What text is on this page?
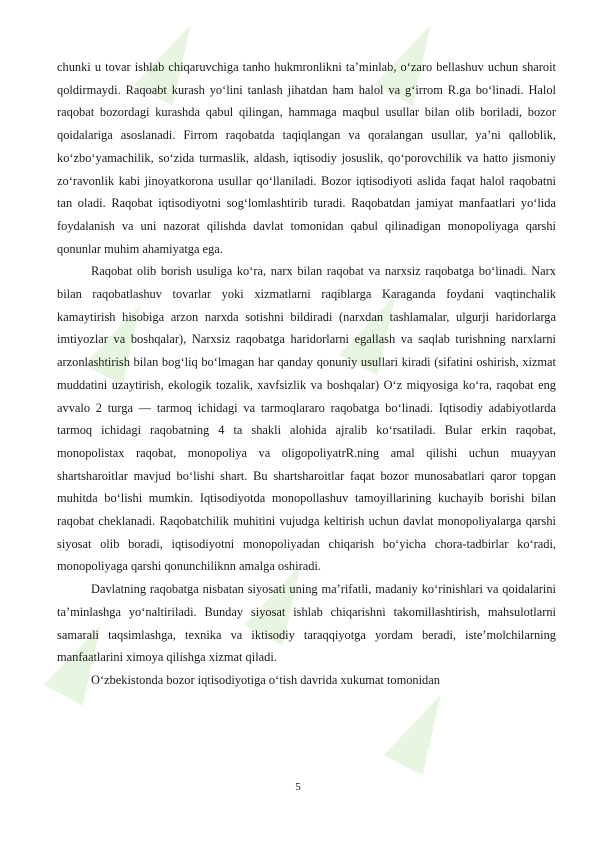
chunki u tovar ishlab chiqaruvchiga tanho hukmronlikni ta’minlab, o‘zaro bellashuv uchun sharoit qoldirmaydi. Raqoabt kurash yo‘lini tanlash jihatdan ham halol va g‘irrom R.ga bo‘linadi. Halol raqobat bozordagi kurashda qabul qilingan, hammaga maqbul usullar bilan olib boriladi, bozor qoidalariga asoslanadi. Firrom raqobatda taqiqlangan va qoralangan usullar, ya’ni qalloblik, ko‘zbo‘yamachilik, so‘zida turmaslik, aldash, iqtisodiy josuslik, qo‘porovchilik va hatto jismoniy zo‘ravonlik kabi jinoyatkorona usullar qo‘llaniladi. Bozor iqtisodiyoti aslida faqat halol raqobatni tan oladi. Raqobat iqtisodiyotni sog‘lomlashtirib turadi. Raqobatdan jamiyat manfaatlari yo‘lida foydalanish va uni nazorat qilishda davlat tomonidan qabul qilinadigan monopoliyaga qarshi qonunlar muhim ahamiyatga ega.

Raqobat olib borish usuliga ko‘ra, narx bilan raqobat va narxsiz raqobatga bo‘linadi. Narx bilan raqobatlashuv tovarlar yoki xizmatlarni raqiblarga Karaganda foydani vaqtinchalik kamaytirish hisobiga arzon narxda sotishni bildiradi (narxdan tashlamalar, ulgurji haridorlarga imtiyozlar va boshqalar), Narxsiz raqobatga haridorlarni egallash va saqlab turishning narxlarni arzonlashtirish bilan bog‘liq bo‘lmagan har qanday qonuniy usullari kiradi (sifatini oshirish, xizmat muddatini uzaytirish, ekologik tozalik, xavfsizlik va boshqalar) O‘z miqyosiga ko‘ra, raqobat eng avvalo 2 turga — tarmoq ichidagi va tarmoqlararo raqobatga bo‘linadi. Iqtisodiy adabiyotlarda tarmoq ichidagi raqobatning 4 ta shakli alohida ajralib ko‘rsatiladi. Bular erkin raqobat, monopolistax raqobat, monopoliya va oligopoliyatrR.ning amal qilishi uchun muayyan shartsharoitlar mavjud bo‘lishi shart. Bu shartsharoitlar faqat bozor munosabatlari qaror topgan muhitda bo‘lishi mumkin. Iqtisodiyotda monopollashuv tamoyillarining kuchayib borishi bilan raqobat cheklanadi. Raqobatchilik muhitini vujudga keltirish uchun davlat monopoliyalarga qarshi siyosat olib boradi, iqtisodiyotni monopoliyadan chiqarish bo‘yicha chora-tadbirlar ko‘radi, monopoliyaga qarshi qonunchiliknn amalga oshiradi.

Davlatning raqobatga nisbatan siyosati uning ma’rifatli, madaniy ko‘rinishlari va qoidalarini ta’minlashga yo‘naltiriladi. Bunday siyosat ishlab chiqarishni takomillashtirish, mahsulotlarni samarali taqsimlashga, texnika va iktisodiy taraqqiyotga yordam beradi, iste’molchilarning manfaatlarini ximoya qilishga xizmat qiladi.

O‘zbekistonda bozor iqtisodiyotiga o‘tish davrida xukumat tomonidan

5
